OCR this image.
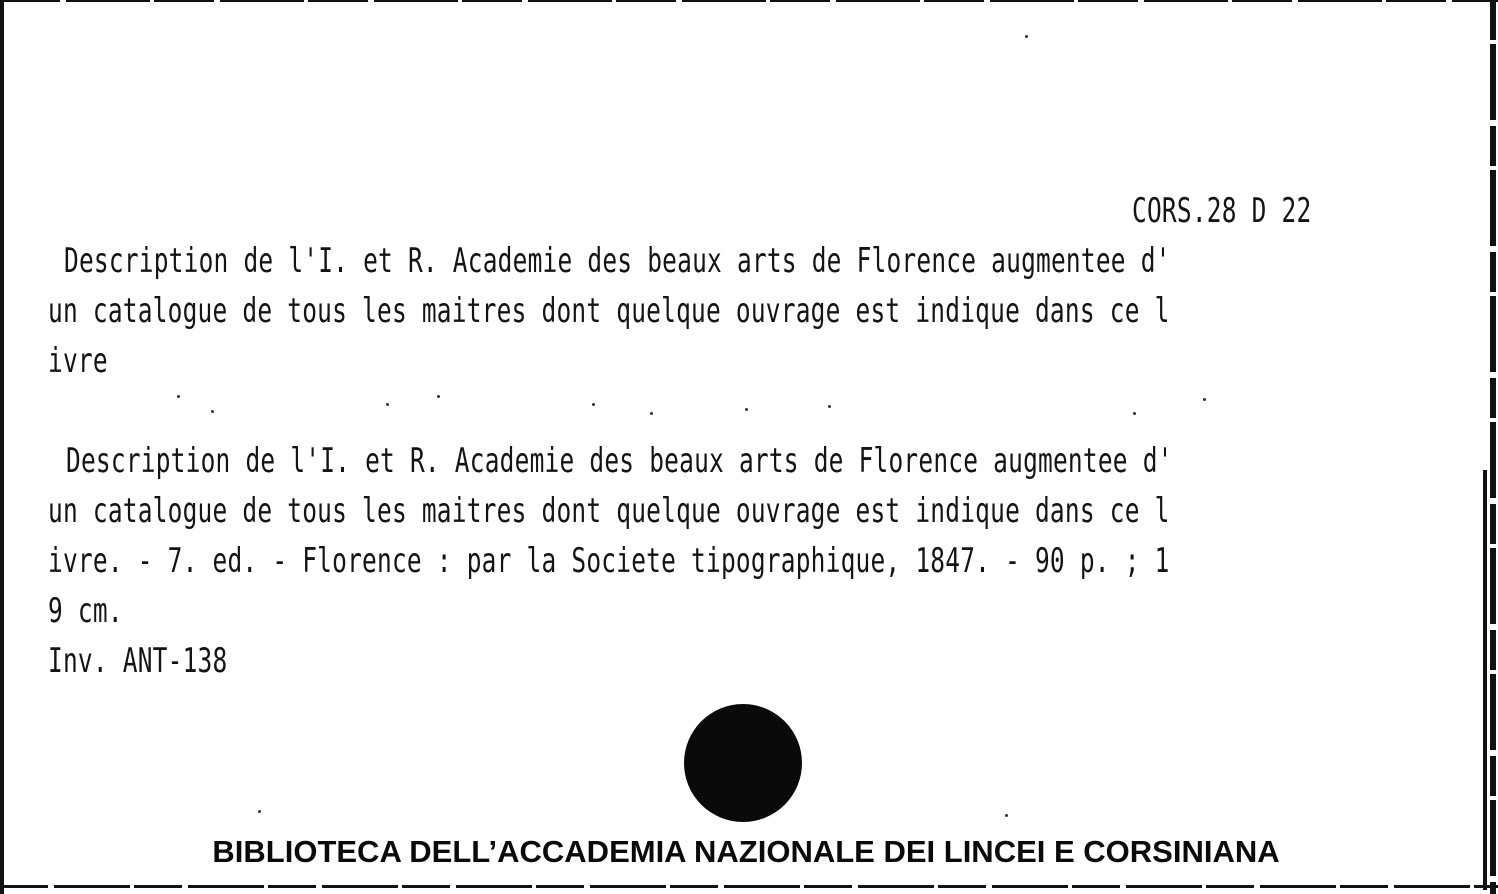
CORS.28 D 22
Description de l'I. et R. Academie des beaux arts de Florence augmentee d'
un catalogue de tous les maitres dont quelque ouvrage est indique dans ce l
ivre
Description de l'I. et R. Academie des beaux arts de Florence augmentee d'
un catalogue de tous les maitres dont quelque ouvrage est indique dans ce l
ivre. - 7. ed. - Florence : par la Societe tipographique, 1847. - 90 p. ; 1
9 cm.
Inv. ANT-138
BIBLIOTECA DELL’ACCADEMIA NAZIONALE DEI LINCEI E CORSINIANA
